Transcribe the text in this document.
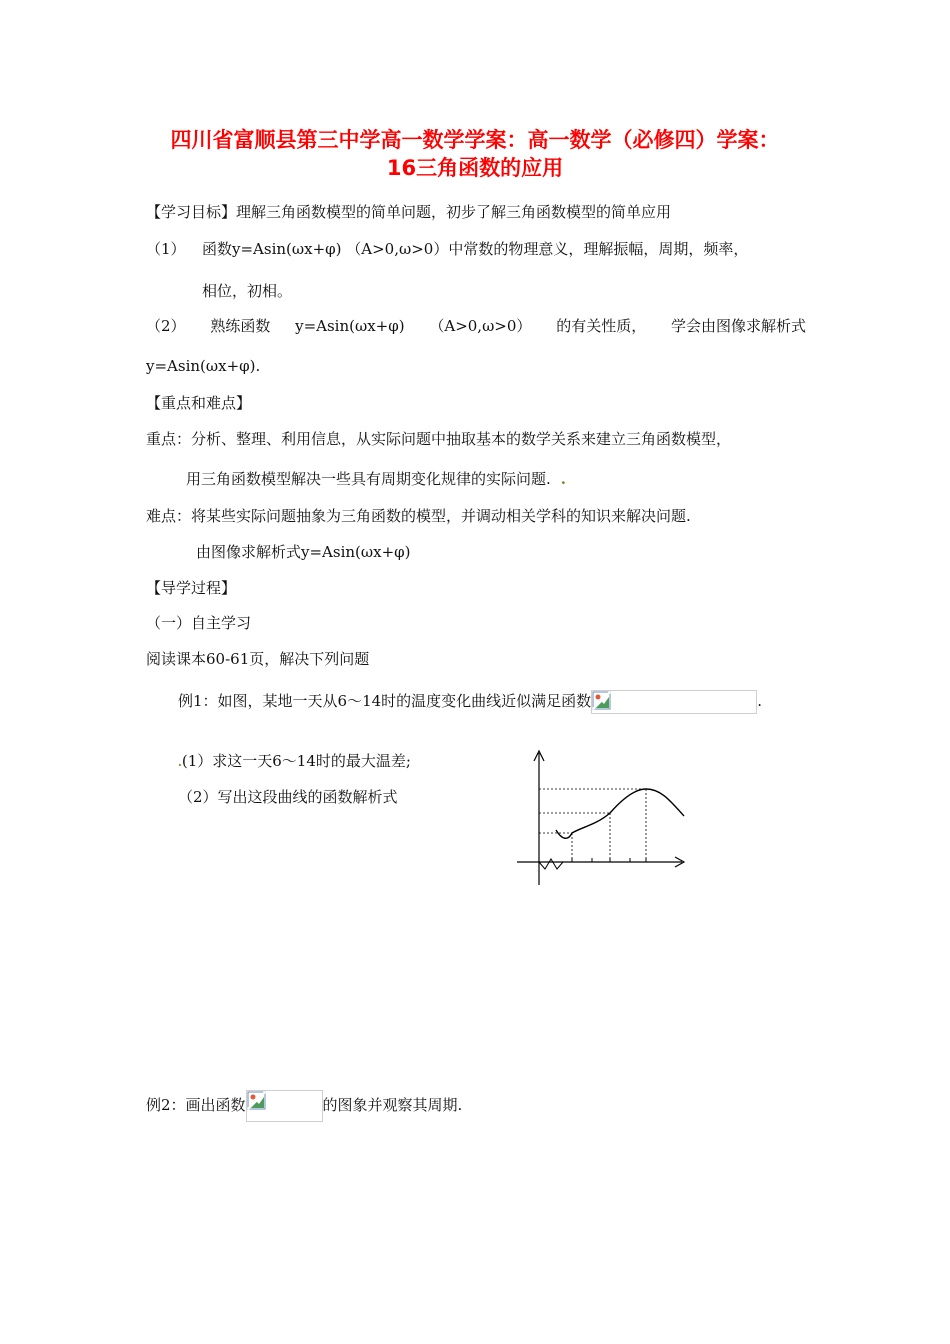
四川省富顺县第三中学高一数学学案：高一数学（必修四）学案：
16三角函数的应用
【学习目标】理解三角函数模型的简单问题，初步了解三角函数模型的简单应用
（1） 函数y=Asin(ωx+φ) （A>0,ω>0）中常数的物理意义，理解振幅，周期，频率，
相位，初相。
（2） 熟练函数 y=Asin(ωx+φ) （A>0,ω>0） 的有关性质， 学会由图像求解析式
y=Asin(ωx+φ).
【重点和难点】
重点：分析、整理、利用信息，从实际问题中抽取基本的数学关系来建立三角函数模型，
用三角函数模型解决一些具有周期变化规律的实际问题.  .
难点：将某些实际问题抽象为三角函数的模型，并调动相关学科的知识来解决问题.
由图像求解析式y=Asin(ωx+φ)
【导学过程】
（一）自主学习
阅读课本60-61页，解决下列问题
例1：如图，某地一天从6～14时的温度变化曲线近似满足函数	.
.(1）求这一天6～14时的最大温差;
（2）写出这段曲线的函数解析式
例2：画出函数	的图象并观察其周期.
